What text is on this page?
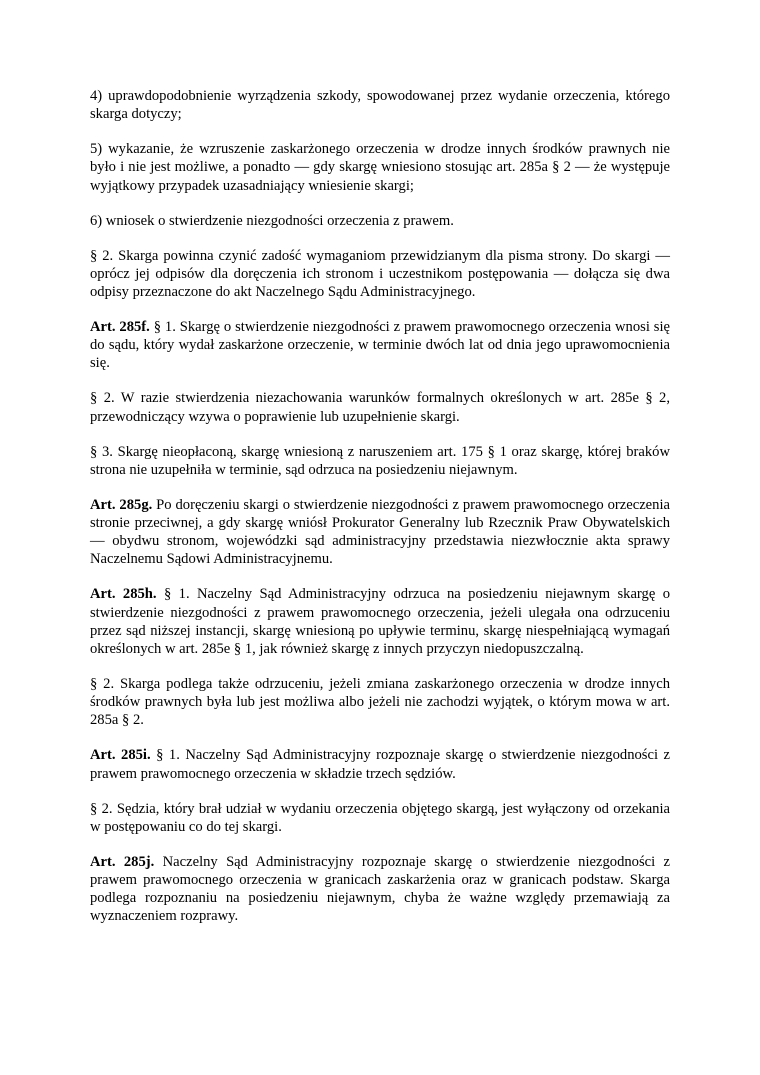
4) uprawdopodobnienie wyrządzenia szkody, spowodowanej przez wydanie orzeczenia, którego skarga dotyczy;

5) wykazanie, że wzruszenie zaskarżonego orzeczenia w drodze innych środków prawnych nie było i nie jest możliwe, a ponadto — gdy skargę wniesiono stosując art. 285a § 2 — że występuje wyjątkowy przypadek uzasadniający wniesienie skargi;

6) wniosek o stwierdzenie niezgodności orzeczenia z prawem.

§ 2. Skarga powinna czynić zadość wymaganiom przewidzianym dla pisma strony. Do skargi — oprócz jej odpisów dla doręczenia ich stronom i uczestnikom postępowania — dołącza się dwa odpisy przeznaczone do akt Naczelnego Sądu Administracyjnego.

Art. 285f. § 1. Skargę o stwierdzenie niezgodności z prawem prawomocnego orzeczenia wnosi się do sądu, który wydał zaskarżone orzeczenie, w terminie dwóch lat od dnia jego uprawomocnienia się.

§ 2. W razie stwierdzenia niezachowania warunków formalnych określonych w art. 285e § 2, przewodniczący wzywa o poprawienie lub uzupełnienie skargi.

§ 3. Skargę nieopłaconą, skargę wniesioną z naruszeniem art. 175 § 1 oraz skargę, której braków strona nie uzupełniła w terminie, sąd odrzuca na posiedzeniu niejawnym.

Art. 285g. Po doręczeniu skargi o stwierdzenie niezgodności z prawem prawomocnego orzeczenia stronie przeciwnej, a gdy skargę wniósł Prokurator Generalny lub Rzecznik Praw Obywatelskich — obydwu stronom, wojewódzki sąd administracyjny przedstawia niezwłocznie akta sprawy Naczelnemu Sądowi Administracyjnemu.

Art. 285h. § 1. Naczelny Sąd Administracyjny odrzuca na posiedzeniu niejawnym skargę o stwierdzenie niezgodności z prawem prawomocnego orzeczenia, jeżeli ulegała ona odrzuceniu przez sąd niższej instancji, skargę wniesioną po upływie terminu, skargę niespełniającą wymagań określonych w art. 285e § 1, jak również skargę z innych przyczyn niedopuszczalną.

§ 2. Skarga podlega także odrzuceniu, jeżeli zmiana zaskarżonego orzeczenia w drodze innych środków prawnych była lub jest możliwa albo jeżeli nie zachodzi wyjątek, o którym mowa w art. 285a § 2.

Art. 285i. § 1. Naczelny Sąd Administracyjny rozpoznaje skargę o stwierdzenie niezgodności z prawem prawomocnego orzeczenia w składzie trzech sędziów.

§ 2. Sędzia, który brał udział w wydaniu orzeczenia objętego skargą, jest wyłączony od orzekania w postępowaniu co do tej skargi.

Art. 285j. Naczelny Sąd Administracyjny rozpoznaje skargę o stwierdzenie niezgodności z prawem prawomocnego orzeczenia w granicach zaskarżenia oraz w granicach podstaw. Skarga podlega rozpoznaniu na posiedzeniu niejawnym, chyba że ważne względy przemawiają za wyznaczeniem rozprawy.
